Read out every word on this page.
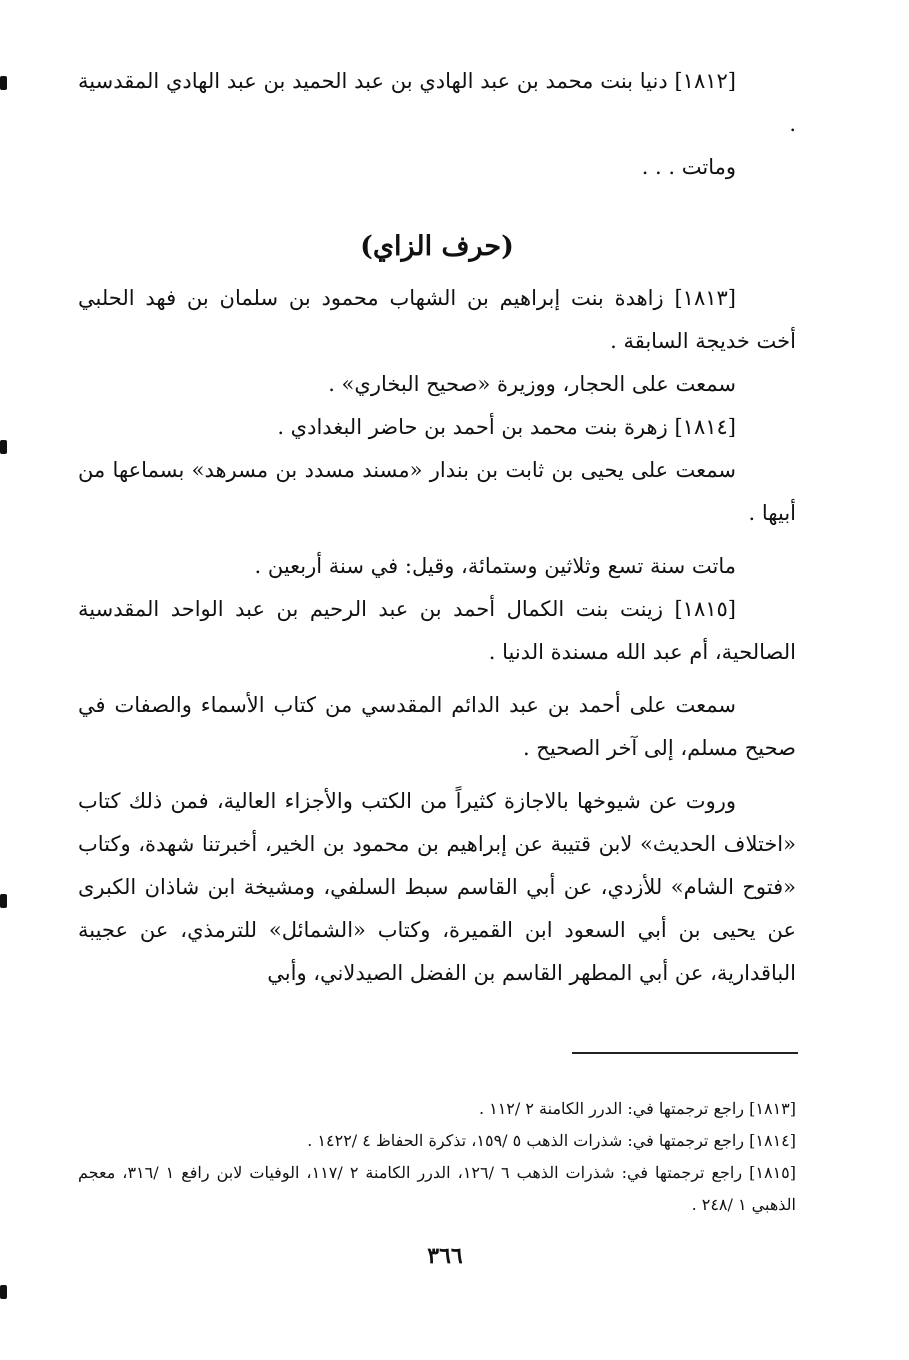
[١٨١٢] دنيا بنت محمد بن عبد الهادي بن عبد الحميد بن عبد الهادي المقدسية .

وماتت . . .

(حرف الزاي)

[١٨١٣] زاهدة بنت إبراهيم بن الشهاب محمود بن سلمان بن فهد الحلبي أخت خديجة السابقة .

سمعت على الحجار، ووزيرة «صحيح البخاري» .

[١٨١٤] زهرة بنت محمد بن أحمد بن حاضر البغدادي .

سمعت على يحيى بن ثابت بن بندار «مسند مسدد بن مسرهد» بسماعها من أبيها .

ماتت سنة تسع وثلاثين وستمائة، وقيل: في سنة أربعين .

[١٨١٥] زينت بنت الكمال أحمد بن عبد الرحيم بن عبد الواحد المقدسية الصالحية، أم عبد الله مسندة الدنيا .

سمعت على أحمد بن عبد الدائم المقدسي من كتاب الأسماء والصفات في صحيح مسلم، إلى آخر الصحيح .

وروت عن شيوخها بالاجازة كثيراً من الكتب والأجزاء العالية، فمن ذلك كتاب «اختلاف الحديث» لابن قتيبة عن إبراهيم بن محمود بن الخير، أخبرتنا شهدة، وكتاب «فتوح الشام» للأزدي، عن أبي القاسم سبط السلفي، ومشيخة ابن شاذان الكبرى عن يحيى بن أبي السعود ابن القميرة، وكتاب «الشمائل» للترمذي، عن عجيبة الباقدارية، عن أبي المطهر القاسم بن الفضل الصيدلاني، وأبي

[١٨١٣] راجع ترجمتها في: الدرر الكامنة ٢ /١١٢ .

[١٨١٤] راجع ترجمتها في: شذرات الذهب ٥ /١٥٩، تذكرة الحفاظ ٤ /١٤٢٢ .

[١٨١٥] راجع ترجمتها في: شذرات الذهب ٦ /١٢٦، الدرر الكامنة ٢ /١١٧، الوفيات لابن رافع ١ /٣١٦، معجم الذهبي ١ /٢٤٨ .

٣٦٦
